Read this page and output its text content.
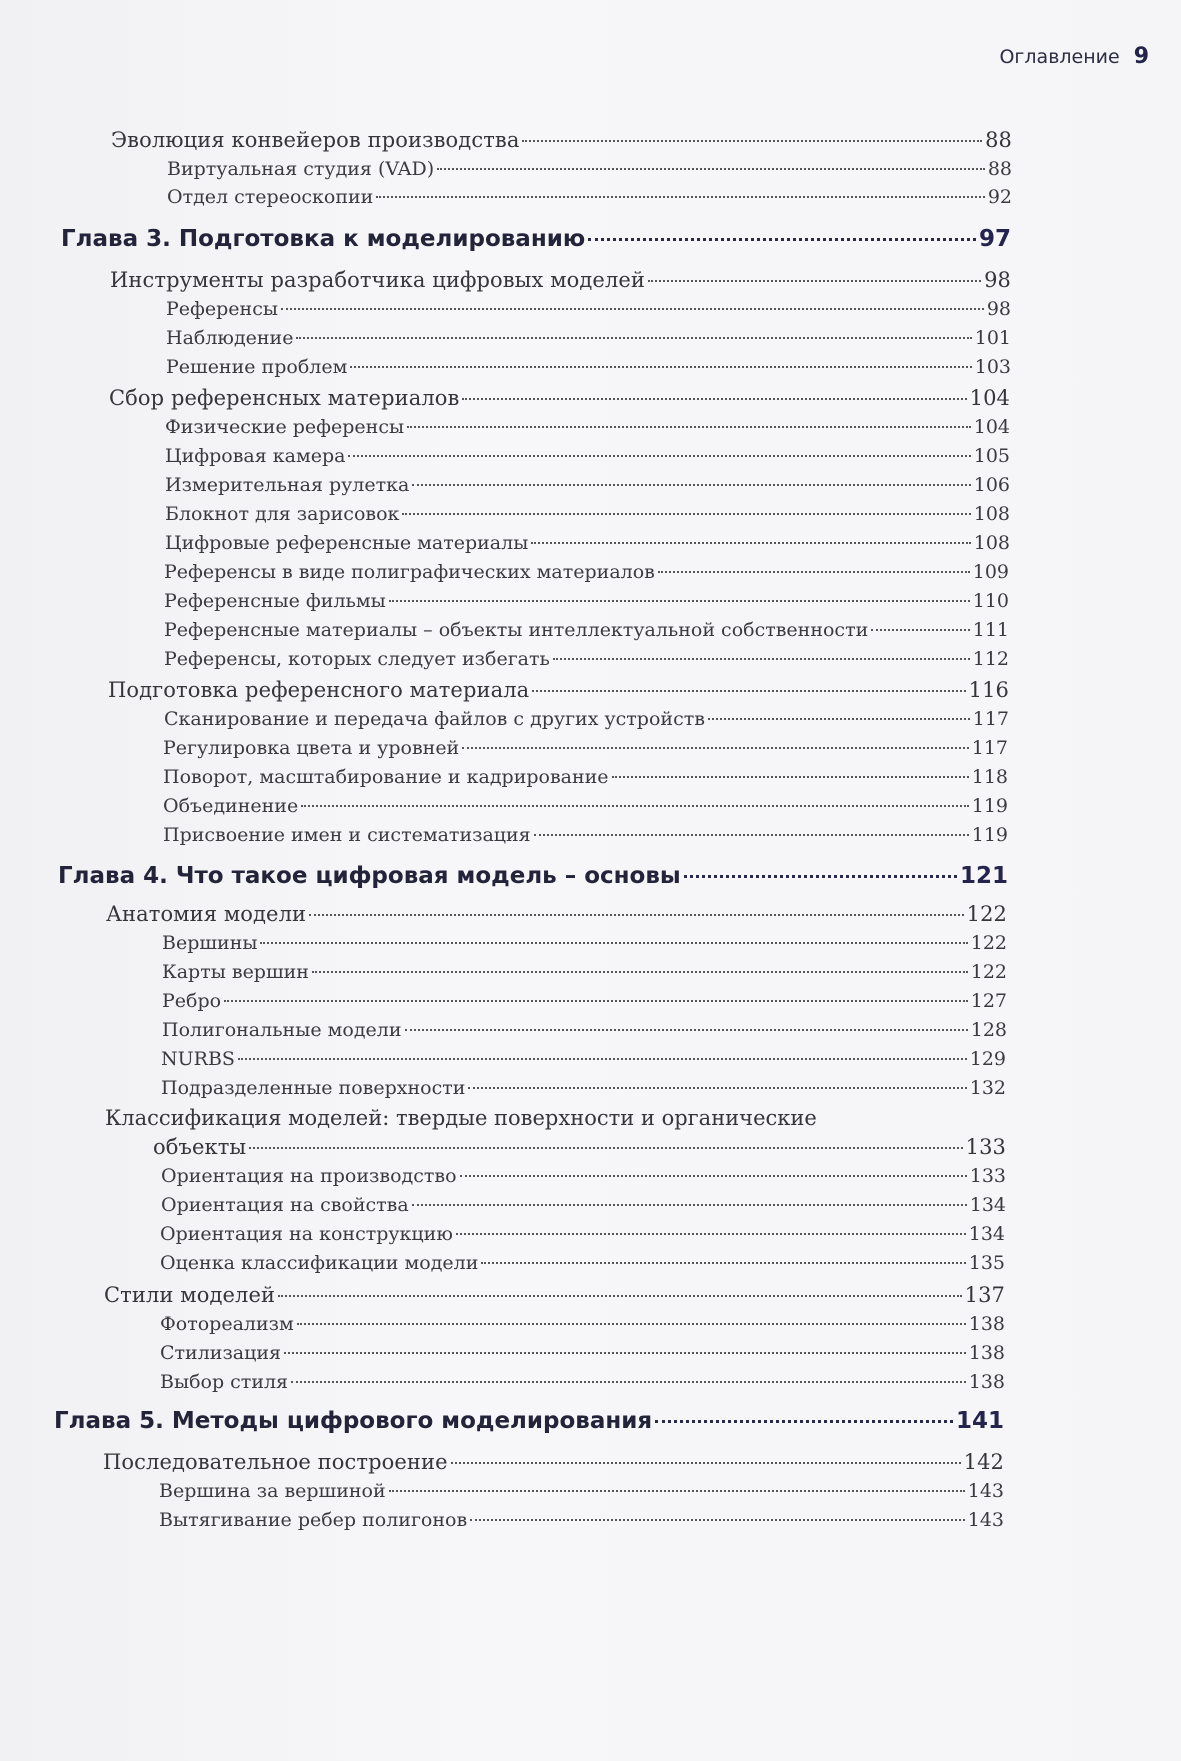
Оглавление 9
Эволюция конвейеров производства	88
Виртуальная студия (VAD)	88
Отдел стереоскопии	92
Глава 3. Подготовка к моделированию	97
Инструменты разработчика цифровых моделей	98
Референсы	98
Наблюдение	101
Решение проблем	103
Сбор референсных материалов	104
Физические референсы	104
Цифровая камера	105
Измерительная рулетка	106
Блокнот для зарисовок	108
Цифровые референсные материалы	108
Референсы в виде полиграфических материалов	109
Референсные фильмы	110
Референсные материалы – объекты интеллектуальной собственности	111
Референсы, которых следует избегать	112
Подготовка референсного материала	116
Сканирование и передача файлов с других устройств	117
Регулировка цвета и уровней	117
Поворот, масштабирование и кадрирование	118
Объединение	119
Присвоение имен и систематизация	119
Глава 4. Что такое цифровая модель – основы	121
Анатомия модели	122
Вершины	122
Карты вершин	122
Ребро	127
Полигональные модели	128
NURBS	129
Подразделенные поверхности	132
Классификация моделей: твердые поверхности и органические
объекты	133
Ориентация на производство	133
Ориентация на свойства	134
Ориентация на конструкцию	134
Оценка классификации модели	135
Стили моделей	137
Фотореализм	138
Стилизация	138
Выбор стиля	138
Глава 5. Методы цифрового моделирования	141
Последовательное построение	142
Вершина за вершиной	143
Вытягивание ребер полигонов	143
